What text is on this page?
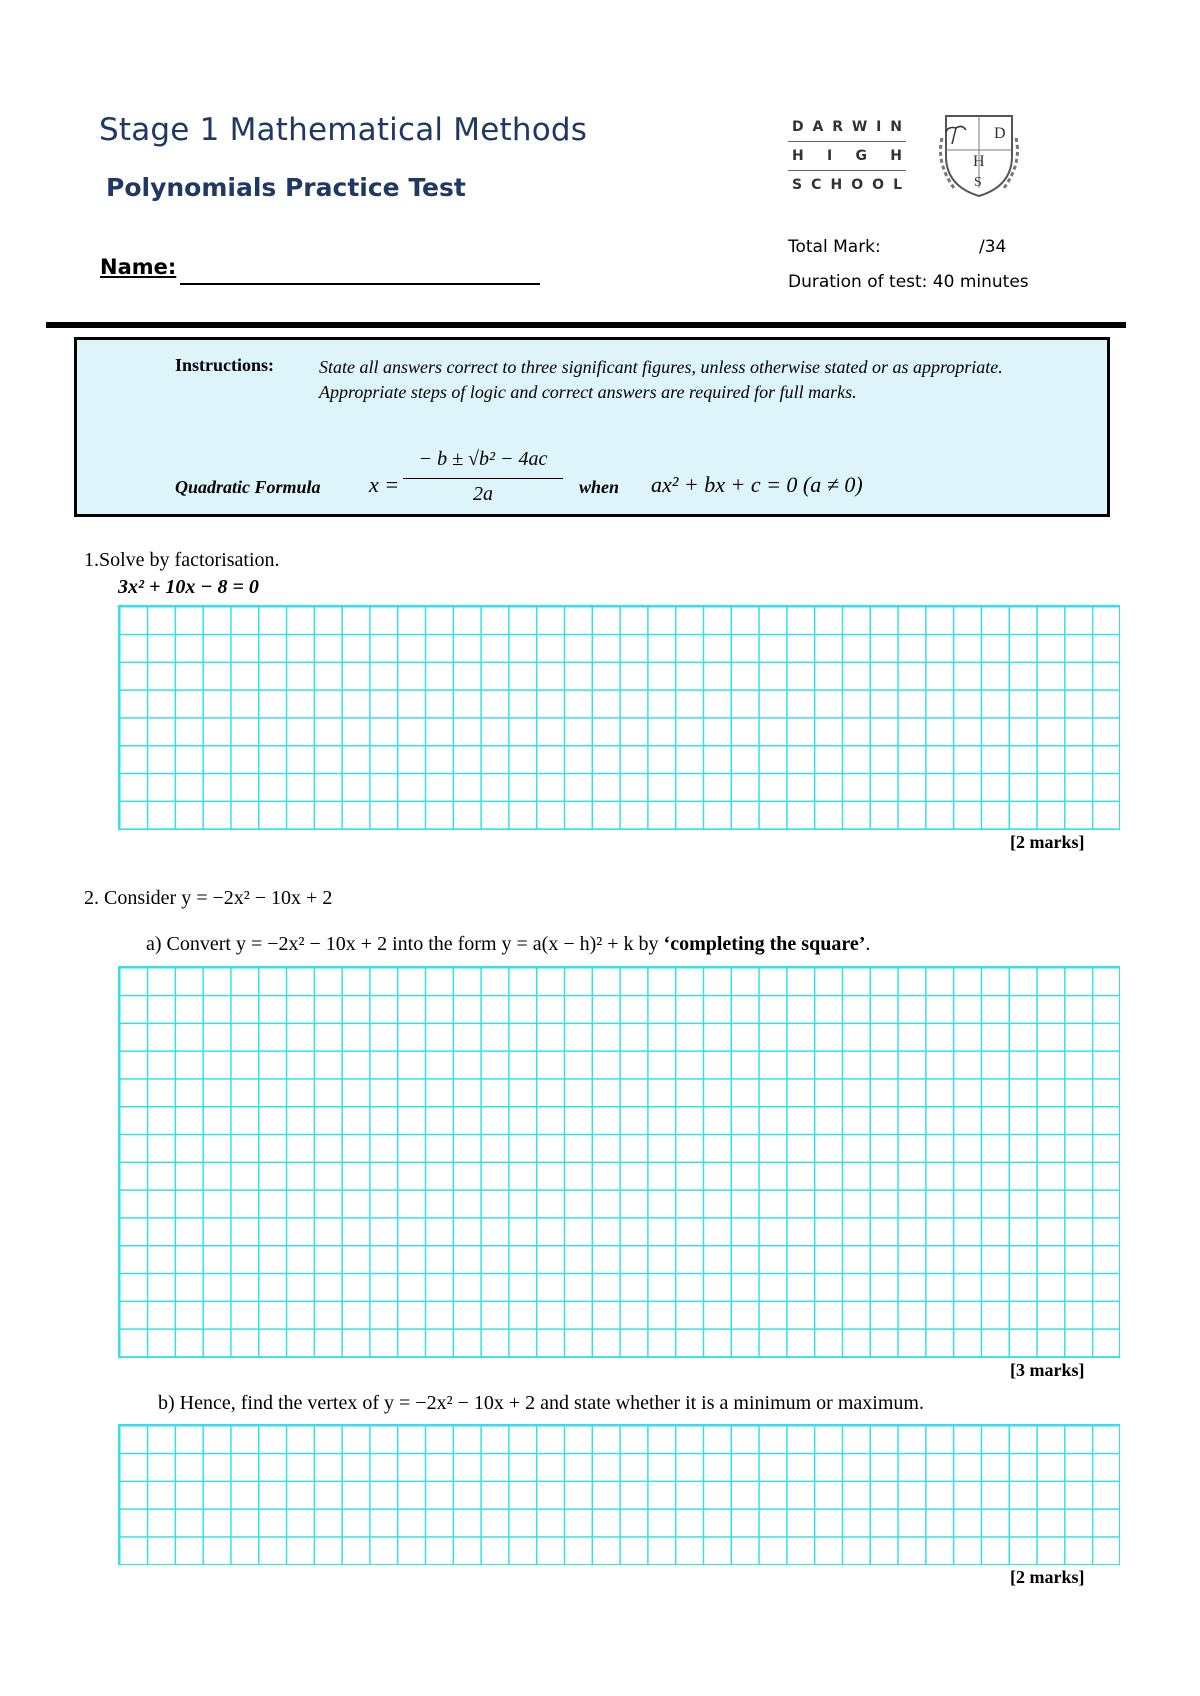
Stage 1 Mathematical Methods
Polynomials Practice Test
Name:
D A R W I N
H I G H
S C H O O L
D
H
S
Total Mark:	/34
Duration of test: 40 minutes
Instructions: State all answers correct to three significant figures, unless otherwise stated or as appropriate.
Appropriate steps of logic and correct answers are required for full marks.
Quadratic Formula x =
− b ± √b² − 4ac
2a	when ax² + bx + c = 0 (a ≠ 0)
1.Solve by factorisation.
3x² + 10x − 8 = 0
[2 marks]
2. Consider y = −2x² − 10x + 2
a) Convert y = −2x² − 10x + 2 into the form y = a(x − h)² + k by ‘completing the square’.
[3 marks]
b) Hence, find the vertex of y = −2x² − 10x + 2 and state whether it is a minimum or maximum.
[2 marks]
